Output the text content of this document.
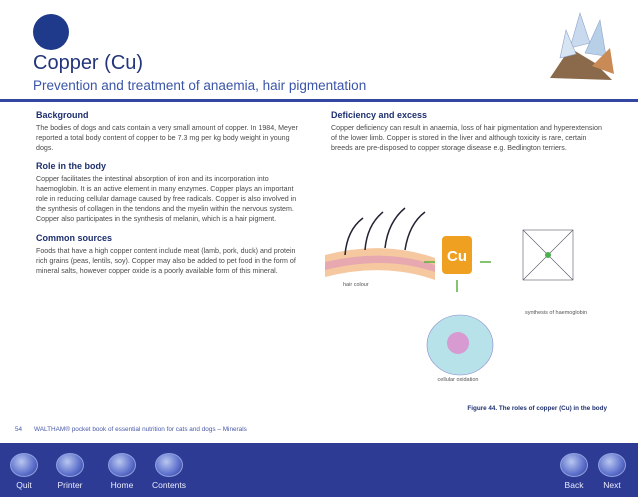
Copper (Cu)
Prevention and treatment of anaemia, hair pigmentation
Background

The bodies of dogs and cats contain a very small amount of copper. In 1984, Meyer reported a total body content of copper to be 7.3 mg per kg body weight in young dogs.

Role in the body

Copper facilitates the intestinal absorption of iron and its incorporation into haemoglobin. It is an active element in many enzymes. Copper plays an important role in reducing cellular damage caused by free radicals. Copper is also involved in the synthesis of collagen in the tendons and the myelin within the nervous system. Copper also participates in the synthesis of melanin, which is a hair pigment.

Common sources

Foods that have a high copper content include meat (lamb, pork, duck) and protein rich grains (peas, lentils, soy). Copper may also be added to pet food in the form of mineral salts, however copper oxide is a poorly available form of this mineral.

Deficiency and excess

Copper deficiency can result in anaemia, loss of hair pigmentation and hyperextension of the lower limb. Copper is stored in the liver and although toxicity is rare, certain breeds are pre-disposed to copper storage disease e.g. Bedlington terriers.

hair colour
synthesis of haemoglobin
cellular oxidation
Cu
Figure 44. The roles of copper (Cu) in the body
54 WALTHAM® pocket book of essential nutrition for cats and dogs – Minerals
Quit	Printer	Home Contents	Back Next
